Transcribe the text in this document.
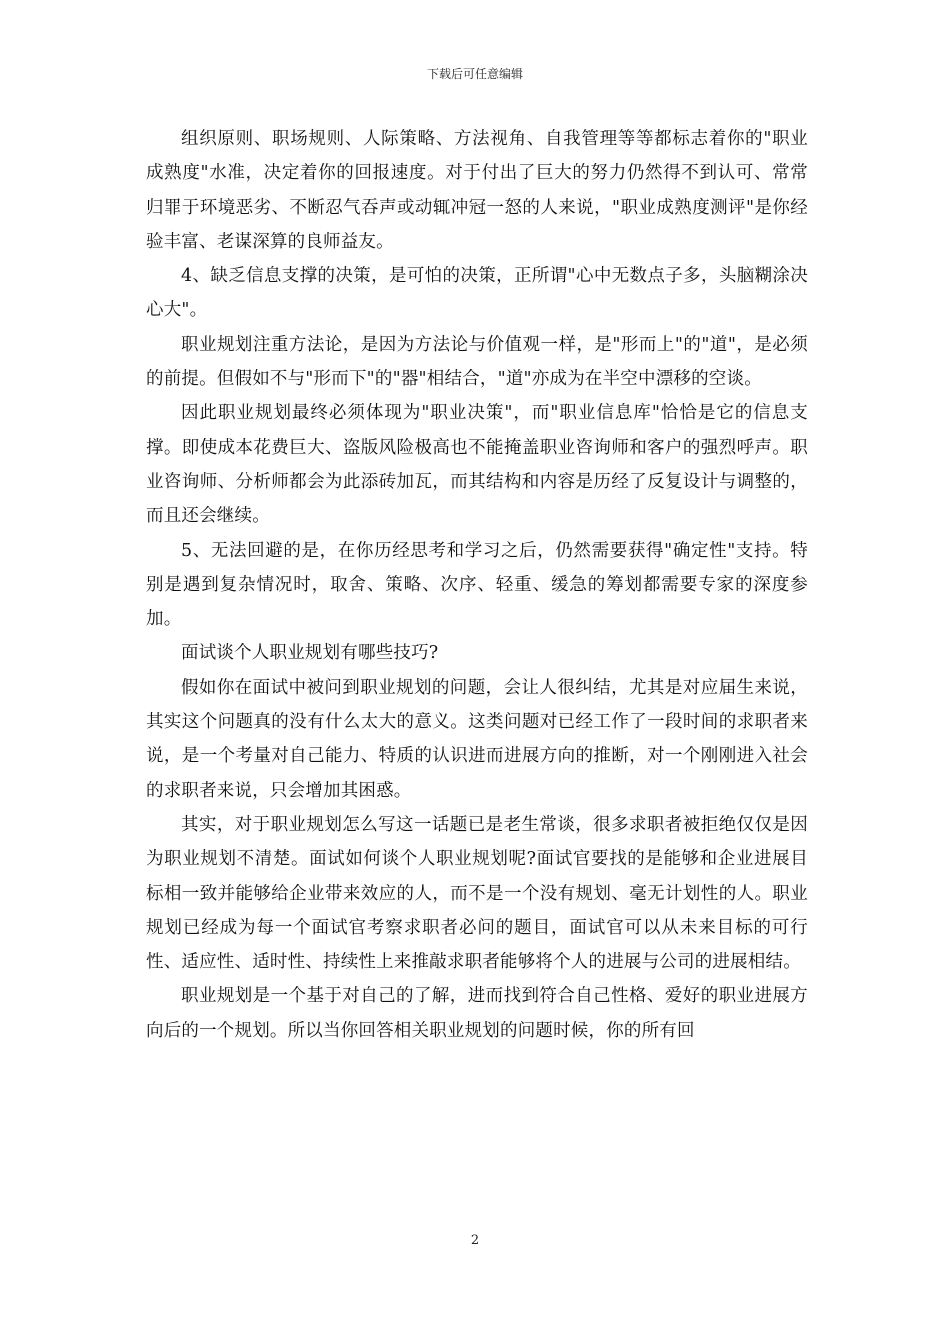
下载后可任意编辑

组织原则、职场规则、人际策略、方法视角、自我管理等等都标志着你的"职业成熟度"水准，决定着你的回报速度。对于付出了巨大的努力仍然得不到认可、常常归罪于环境恶劣、不断忍气吞声或动辄冲冠一怒的人来说，"职业成熟度测评"是你经验丰富、老谋深算的良师益友。

4、缺乏信息支撑的决策，是可怕的决策，正所谓"心中无数点子多，头脑糊涂决心大"。

职业规划注重方法论，是因为方法论与价值观一样，是"形而上"的"道"，是必须的前提。但假如不与"形而下"的"器"相结合，"道"亦成为在半空中漂移的空谈。

因此职业规划最终必须体现为"职业决策"，而"职业信息库"恰恰是它的信息支撑。即使成本花费巨大、盗版风险极高也不能掩盖职业咨询师和客户的强烈呼声。职业咨询师、分析师都会为此添砖加瓦，而其结构和内容是历经了反复设计与调整的，而且还会继续。

5、无法回避的是，在你历经思考和学习之后，仍然需要获得"确定性"支持。特别是遇到复杂情况时，取舍、策略、次序、轻重、缓急的筹划都需要专家的深度参加。

面试谈个人职业规划有哪些技巧?

假如你在面试中被问到职业规划的问题，会让人很纠结，尤其是对应届生来说，其实这个问题真的没有什么太大的意义。这类问题对已经工作了一段时间的求职者来说，是一个考量对自己能力、特质的认识进而进展方向的推断，对一个刚刚进入社会的求职者来说，只会增加其困惑。

其实，对于职业规划怎么写这一话题已是老生常谈，很多求职者被拒绝仅仅是因为职业规划不清楚。面试如何谈个人职业规划呢?面试官要找的是能够和企业进展目标相一致并能够给企业带来效应的人，而不是一个没有规划、毫无计划性的人。职业规划已经成为每一个面试官考察求职者必问的题目，面试官可以从未来目标的可行性、适应性、适时性、持续性上来推敲求职者能够将个人的进展与公司的进展相结。

职业规划是一个基于对自己的了解，进而找到符合自己性格、爱好的职业进展方向后的一个规划。所以当你回答相关职业规划的问题时候，你的所有回

2
